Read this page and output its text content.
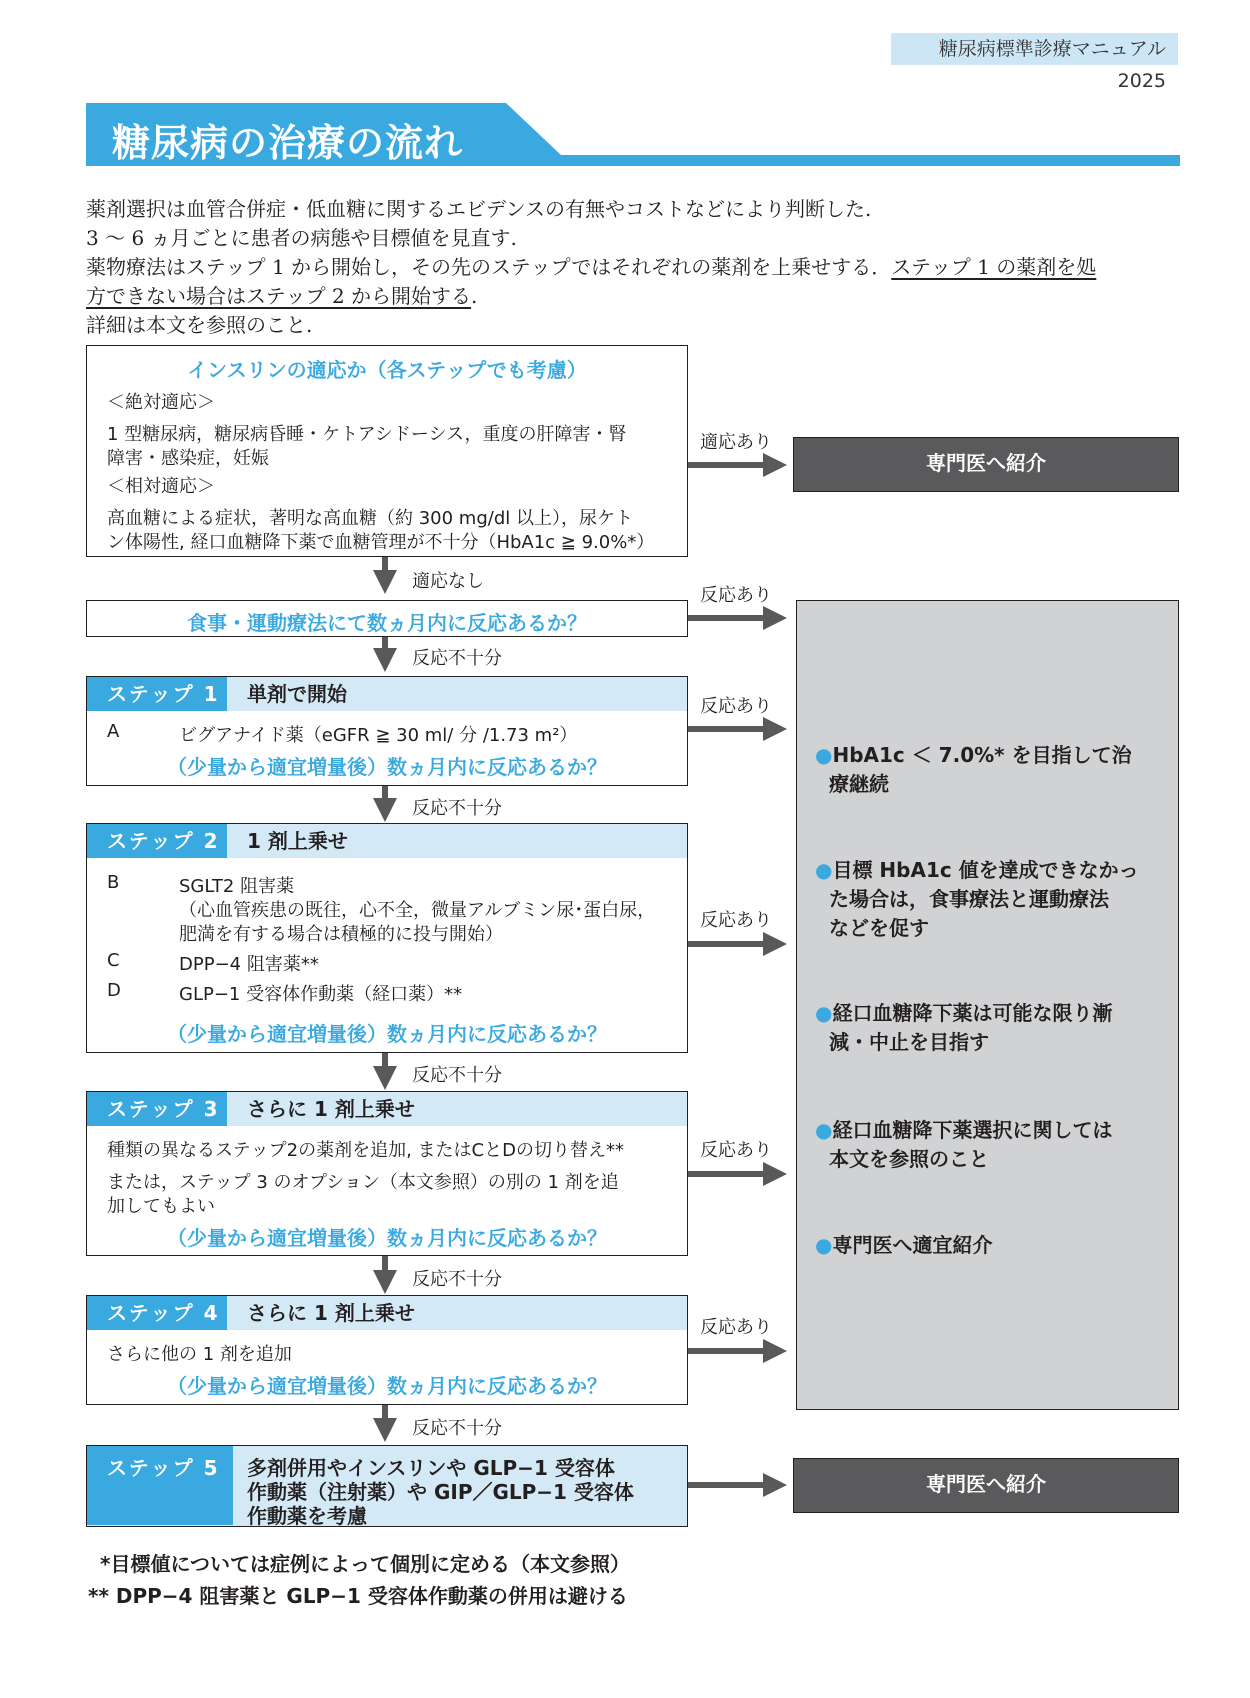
糖尿病標準診療マニュアル 2025
糖尿病の治療の流れ
薬剤選択は血管合併症・低血糖に関するエビデンスの有無やコストなどにより判断した.
3 ～ 6 ヵ月ごとに患者の病態や目標値を見直す.
薬物療法はステップ 1 から開始し，その先のステップではそれぞれの薬剤を上乗せする．ステップ 1 の薬剤を処
方できない場合はステップ 2 から開始する.
詳細は本文を参照のこと.
インスリンの適応か（各ステップでも考慮）
＜絶対適応＞
1 型糖尿病，糖尿病昏睡・ケトアシドーシス，重度の肝障害・腎
障害・感染症，妊娠
＜相対適応＞
高血糖による症状，著明な高血糖（約 300 mg/dl 以上），尿ケト
ン体陽性, 経口血糖降下薬で血糖管理が不十分（HbA1c ≧ 9.0%*）
食事・運動療法にて数ヵ月内に反応あるか？
ステップ 1	単剤で開始
A	ビグアナイド薬（eGFR ≧ 30 ml/ 分 /1.73 m²）
（少量から適宜増量後）数ヵ月内に反応あるか？
ステップ 2	1 剤上乗せ
B	SGLT2 阻害薬
（心血管疾患の既往，心不全，微量アルブミン尿･蛋白尿，
肥満を有する場合は積極的に投与開始）
C	DPP−4 阻害薬**
D	GLP−1 受容体作動薬（経口薬）**
（少量から適宜増量後）数ヵ月内に反応あるか？
ステップ 3	さらに 1 剤上乗せ
種類の異なるステップ2の薬剤を追加, またはCとDの切り替え**
または，ステップ 3 のオプション（本文参照）の別の 1 剤を追
加してもよい
（少量から適宜増量後）数ヵ月内に反応あるか？
ステップ 4	さらに 1 剤上乗せ
さらに他の 1 剤を追加
（少量から適宜増量後）数ヵ月内に反応あるか？
ステップ 5 多剤併用やインスリンや GLP−1 受容体
作動薬（注射薬）や GIP／GLP−1 受容体
作動薬を考慮
適応あり
適応なし
反応あり
反応不十分
反応あり
反応不十分
反応あり
反応不十分
反応あり
反応不十分
反応あり
反応不十分
専門医へ紹介
専門医へ紹介
●HbA1c ＜ 7.0%* を目指して治
療継続
●目標 HbA1c 値を達成できなかっ
た場合は，食事療法と運動療法
などを促す
●経口血糖降下薬は可能な限り漸
減・中止を目指す
●経口血糖降下薬選択に関しては
本文を参照のこと
●専門医へ適宜紹介
*目標値については症例によって個別に定める（本文参照）
** DPP−4 阻害薬と GLP−1 受容体作動薬の併用は避ける
